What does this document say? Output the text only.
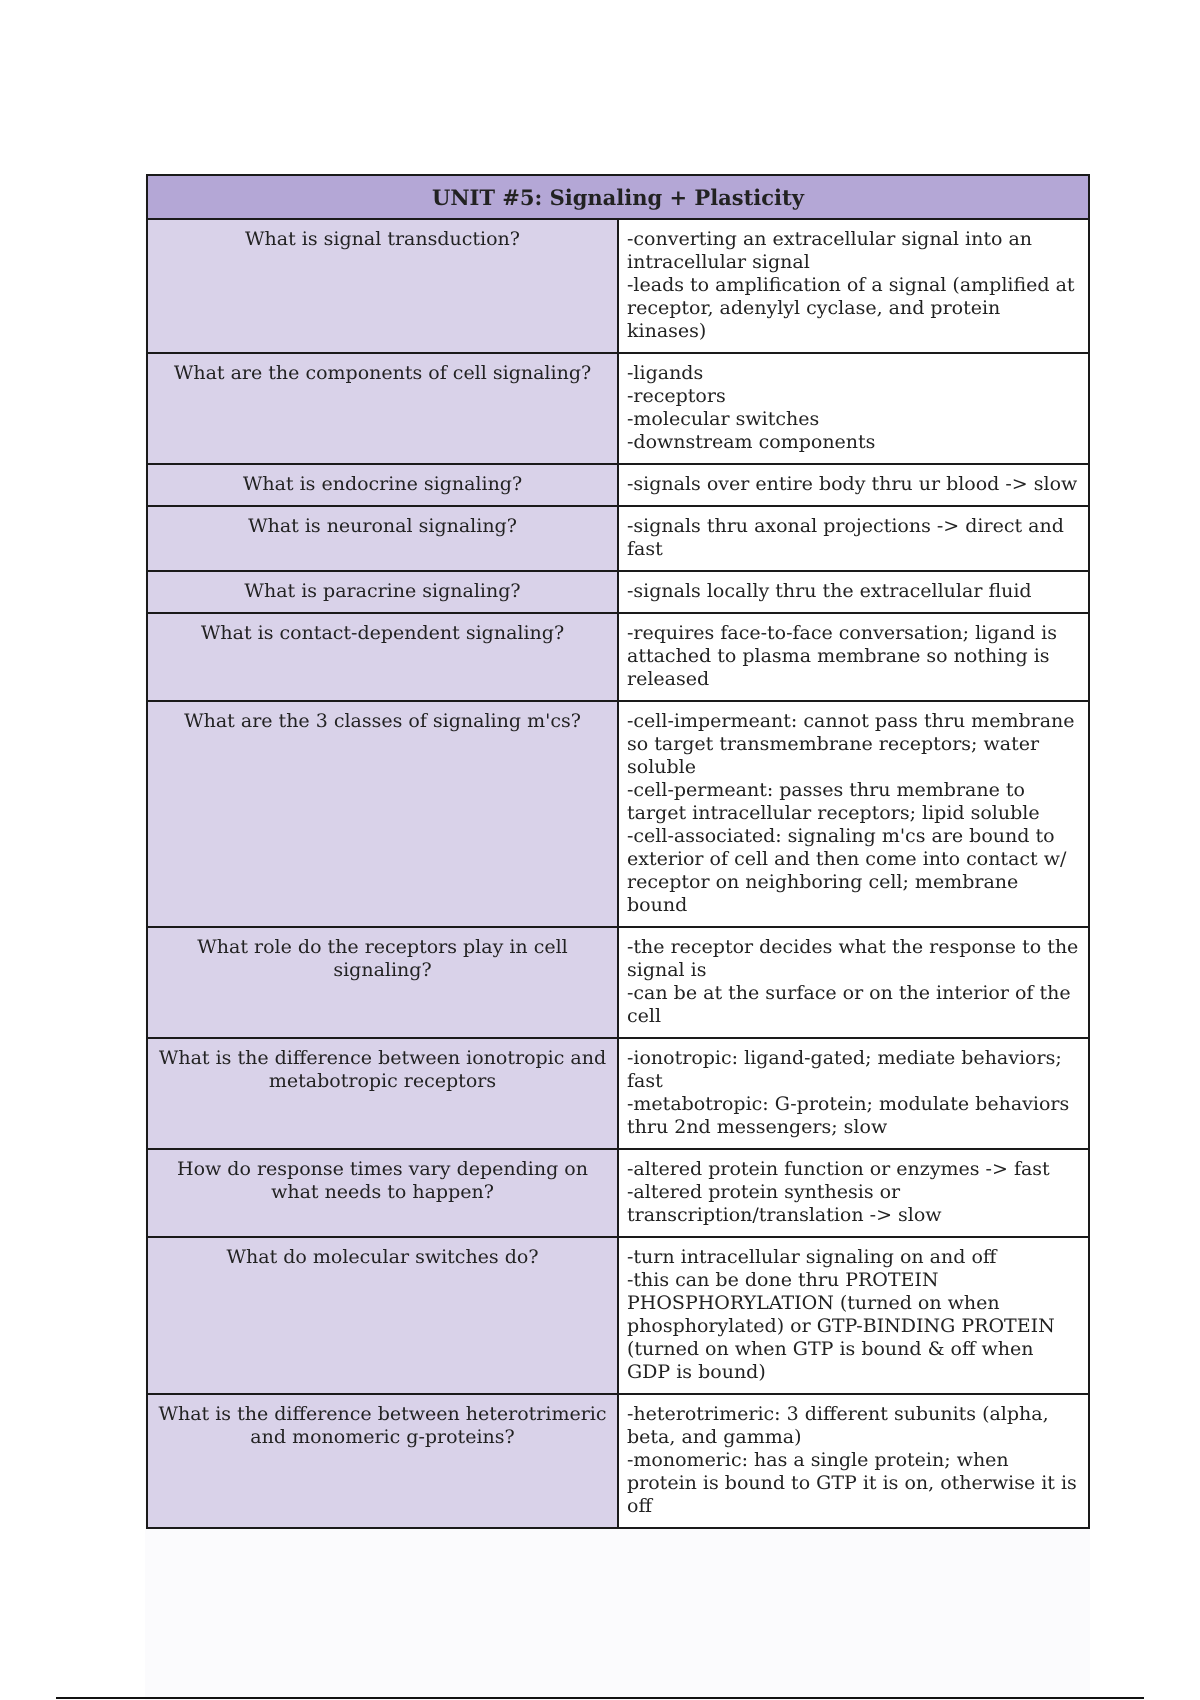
UNIT #5: Signaling + Plasticity	
What is signal transduction?	-converting an extracellular signal into an intracellular signal
-leads to amplification of a signal (amplified at receptor, adenylyl cyclase, and protein kinases)

What are the components of cell signaling?	-ligands
-receptors
-molecular switches
-downstream components

What is endocrine signaling?	-signals over entire body thru ur blood -> slow

What is neuronal signaling?	-signals thru axonal projections -> direct and fast

What is paracrine signaling?	-signals locally thru the extracellular fluid

What is contact-dependent signaling?	-requires face-to-face conversation; ligand is attached to plasma membrane so nothing is released

What are the 3 classes of signaling m'cs?	-cell-impermeant: cannot pass thru membrane so target transmembrane receptors; water soluble
-cell-permeant: passes thru membrane to target intracellular receptors; lipid soluble
-cell-associated: signaling m'cs are bound to exterior of cell and then come into contact w/ receptor on neighboring cell; membrane bound

What role do the receptors play in cell signaling?	-the receptor decides what the response to the signal is
-can be at the surface or on the interior of the cell

What is the difference between ionotropic and metabotropic receptors	-ionotropic: ligand-gated; mediate behaviors; fast
-metabotropic: G-protein; modulate behaviors thru 2nd messengers; slow

How do response times vary depending on what needs to happen?	-altered protein function or enzymes -> fast
-altered protein synthesis or transcription/translation -> slow

What do molecular switches do?	-turn intracellular signaling on and off
-this can be done thru PROTEIN PHOSPHORYLATION (turned on when phosphorylated) or GTP-BINDING PROTEIN (turned on when GTP is bound & off when GDP is bound)

What is the difference between heterotrimeric and monomeric g-proteins?	-heterotrimeric: 3 different subunits (alpha, beta, and gamma)
-monomeric: has a single protein; when protein is bound to GTP it is on, otherwise it is off
